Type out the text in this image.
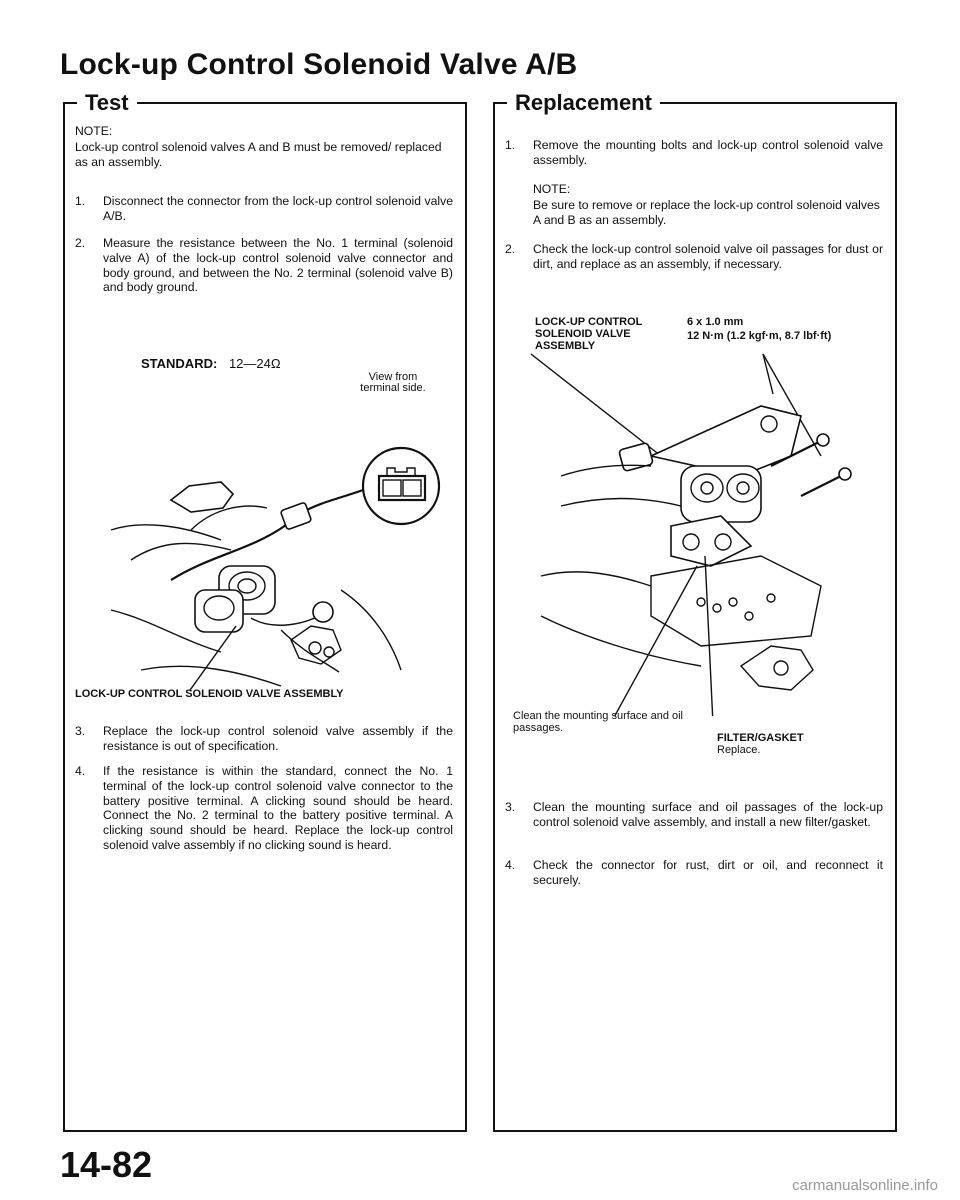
Lock-up Control Solenoid Valve A/B
Test

NOTE:

Lock-up control solenoid valves A and B must be removed/ replaced as an assembly.

1.	Disconnect the connector from the lock-up control solenoid valve A/B.
2.	Measure the resistance between the No. 1 terminal (solenoid valve A) of the lock-up control solenoid valve connector and body ground, and between the No. 2 terminal (solenoid valve B) and body ground.
STANDARD: 12—24Ω
View from terminal side.
LOCK-UP CONTROL SOLENOID VALVE ASSEMBLY
3.	Replace the lock-up control solenoid valve assembly if the resistance is out of specification.
4.	If the resistance is within the standard, connect the No. 1 terminal of the lock-up control solenoid valve connector to the battery positive terminal. A clicking sound should be heard. Connect the No. 2 terminal to the battery positive terminal. A clicking sound should be heard. Replace the lock-up control solenoid valve assembly if no clicking sound is heard.
Replacement
1.	Remove the mounting bolts and lock-up control solenoid valve assembly.

NOTE:

Be sure to remove or replace the lock-up control solenoid valves A and B as an assembly.

2.	Check the lock-up control solenoid valve oil passages for dust or dirt, and replace as an assembly, if necessary.
LOCK-UP CONTROL SOLENOID VALVE ASSEMBLY
6 x 1.0 mm
12 N·m (1.2 kgf·m, 8.7 lbf·ft)
Clean the mounting surface and oil passages.
FILTER/GASKET
Replace.
3.	Clean the mounting surface and oil passages of the lock-up control solenoid valve assembly, and install a new filter/gasket.
4.	Check the connector for rust, dirt or oil, and reconnect it securely.
14-82
carmanualsonline.info
